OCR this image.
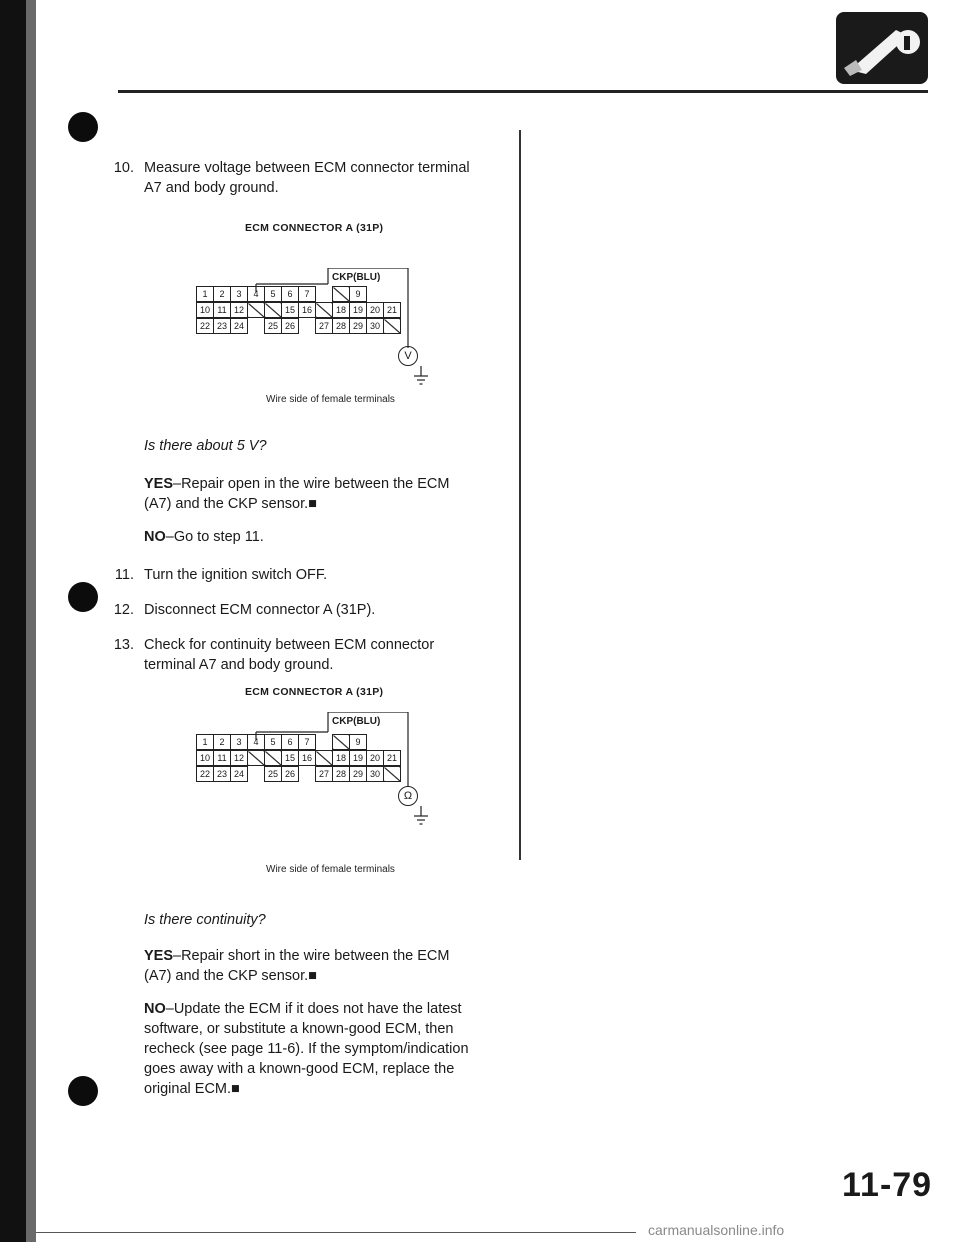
10. Measure voltage between ECM connector terminal
A7 and body ground.
ECM CONNECTOR A (31P)
CKP(BLU)
1	2	3	4	5	6	7			9
10	11	12			15	16		18	19	20	21
22	23	24		25	26		27	28	29	30	
V
Wire side of female terminals
Is there about 5 V?
YES–Repair open in the wire between the ECM
(A7) and the CKP sensor.■
NO–Go to step 11.
11. Turn the ignition switch OFF.
12. Disconnect ECM connector A (31P).
13. Check for continuity between ECM connector
terminal A7 and body ground.
ECM CONNECTOR A (31P)
CKP(BLU)
1	2	3	4	5	6	7			9
10	11	12			15	16		18	19	20	21
22	23	24		25	26		27	28	29	30	
Ω
Wire side of female terminals
Is there continuity?
YES–Repair short in the wire between the ECM
(A7) and the CKP sensor.■
NO–Update the ECM if it does not have the latest
software, or substitute a known-good ECM, then
recheck (see page 11-6). If the symptom/indication
goes away with a known-good ECM, replace the
original ECM.■
11-79
carmanualsonline.info
